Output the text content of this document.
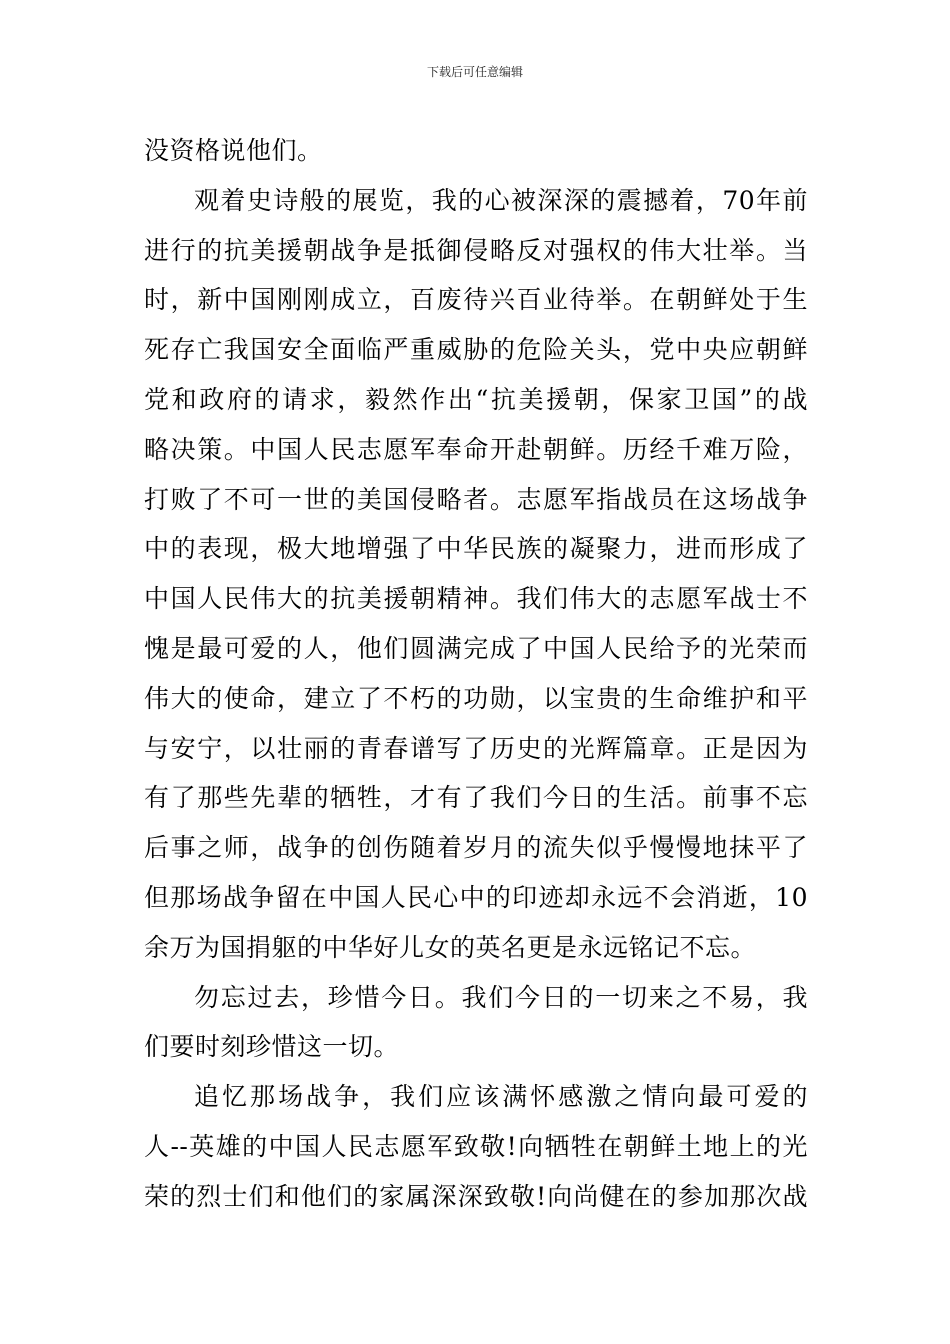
下载后可任意编辑
没资格说他们。
观着史诗般的展览，我的心被深深的震撼着，70年前
进行的抗美援朝战争是抵御侵略反对强权的伟大壮举。当
时，新中国刚刚成立，百废待兴百业待举。在朝鲜处于生
死存亡我国安全面临严重威胁的危险关头，党中央应朝鲜
党和政府的请求，毅然作出“抗美援朝，保家卫国”的战
略决策。中国人民志愿军奉命开赴朝鲜。历经千难万险，
打败了不可一世的美国侵略者。志愿军指战员在这场战争
中的表现，极大地增强了中华民族的凝聚力，进而形成了
中国人民伟大的抗美援朝精神。我们伟大的志愿军战士不
愧是最可爱的人，他们圆满完成了中国人民给予的光荣而
伟大的使命，建立了不朽的功勋，以宝贵的生命维护和平
与安宁，以壮丽的青春谱写了历史的光辉篇章。正是因为
有了那些先辈的牺牲，才有了我们今日的生活。前事不忘
后事之师，战争的创伤随着岁月的流失似乎慢慢地抹平了
但那场战争留在中国人民心中的印迹却永远不会消逝，10
余万为国捐躯的中华好儿女的英名更是永远铭记不忘。
勿忘过去，珍惜今日。我们今日的一切来之不易，我
们要时刻珍惜这一切。
追忆那场战争，我们应该满怀感激之情向最可爱的
人--英雄的中国人民志愿军致敬!向牺牲在朝鲜土地上的光
荣的烈士们和他们的家属深深致敬!向尚健在的参加那次战
